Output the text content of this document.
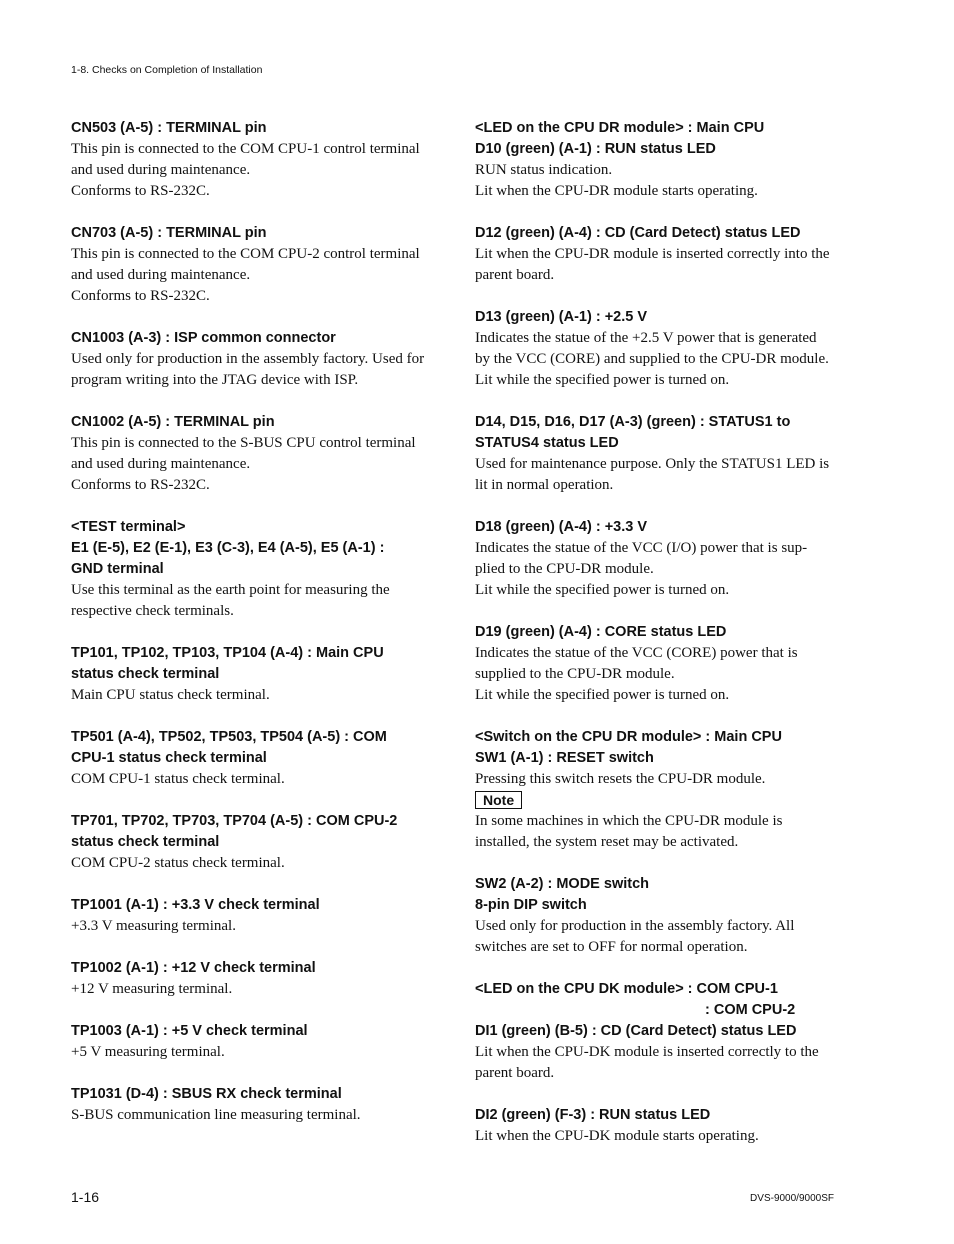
1-8. Checks on Completion of Installation

CN503 (A-5) : TERMINAL pin

This pin is connected to the COM CPU-1 control terminal

and used during maintenance.

Conforms to RS-232C.

CN703 (A-5) : TERMINAL pin

This pin is connected to the COM CPU-2 control terminal

and used during maintenance.

Conforms to RS-232C.

CN1003 (A-3) : ISP common connector

Used only for production in the assembly factory. Used for

program writing into the JTAG device with ISP.

CN1002 (A-5) : TERMINAL pin

This pin is connected to the S-BUS CPU control terminal

and used during maintenance.

Conforms to RS-232C.

<TEST terminal>

E1 (E-5), E2 (E-1), E3 (C-3), E4 (A-5), E5 (A-1) :

GND terminal

Use this terminal as the earth point for measuring the

respective check terminals.

TP101, TP102, TP103, TP104 (A-4) : Main CPU

status check terminal

Main CPU status check terminal.

TP501 (A-4), TP502, TP503, TP504 (A-5) : COM

CPU-1 status check terminal

COM CPU-1 status check terminal.

TP701, TP702, TP703, TP704 (A-5) : COM CPU-2

status check terminal

COM CPU-2 status check terminal.

TP1001 (A-1) : +3.3 V check terminal

+3.3 V measuring terminal.

TP1002 (A-1) : +12 V check terminal

+12 V measuring terminal.

TP1003 (A-1) : +5 V check terminal

+5 V measuring terminal.

TP1031 (D-4) : SBUS RX check terminal

S-BUS communication line measuring terminal.

<LED on the CPU DR module> : Main CPU

D10 (green) (A-1) : RUN status LED

RUN status indication.

Lit when the CPU-DR module starts operating.

D12 (green) (A-4) : CD (Card Detect) status LED

Lit when the CPU-DR module is inserted correctly into the

parent board.

D13 (green) (A-1) : +2.5 V

Indicates the statue of the +2.5 V power that is generated

by the VCC (CORE) and supplied to the CPU-DR module.

Lit while the specified power is turned on.

D14, D15, D16, D17 (A-3) (green) : STATUS1 to

STATUS4 status LED

Used for maintenance purpose. Only the STATUS1 LED is

lit in normal operation.

D18 (green) (A-4) : +3.3 V

Indicates the statue of the VCC (I/O) power that is sup-

plied to the CPU-DR module.

Lit while the specified power is turned on.

D19 (green) (A-4) : CORE status LED

Indicates the statue of the VCC (CORE) power that is

supplied to the CPU-DR module.

Lit while the specified power is turned on.

<Switch on the CPU DR module> : Main CPU

SW1 (A-1) : RESET switch

Pressing this switch resets the CPU-DR module.

Note

In some machines in which the CPU-DR module is

installed, the system reset may be activated.

SW2 (A-2) : MODE switch

8-pin DIP switch

Used only for production in the assembly factory. All

switches are set to OFF for normal operation.

<LED on the CPU DK module> : COM CPU-1

: COM CPU-2

DI1 (green) (B-5) : CD (Card Detect) status LED

Lit when the CPU-DK module is inserted correctly to the

parent board.

DI2 (green) (F-3) : RUN status LED

Lit when the CPU-DK module starts operating.

1-16	DVS-9000/9000SF
